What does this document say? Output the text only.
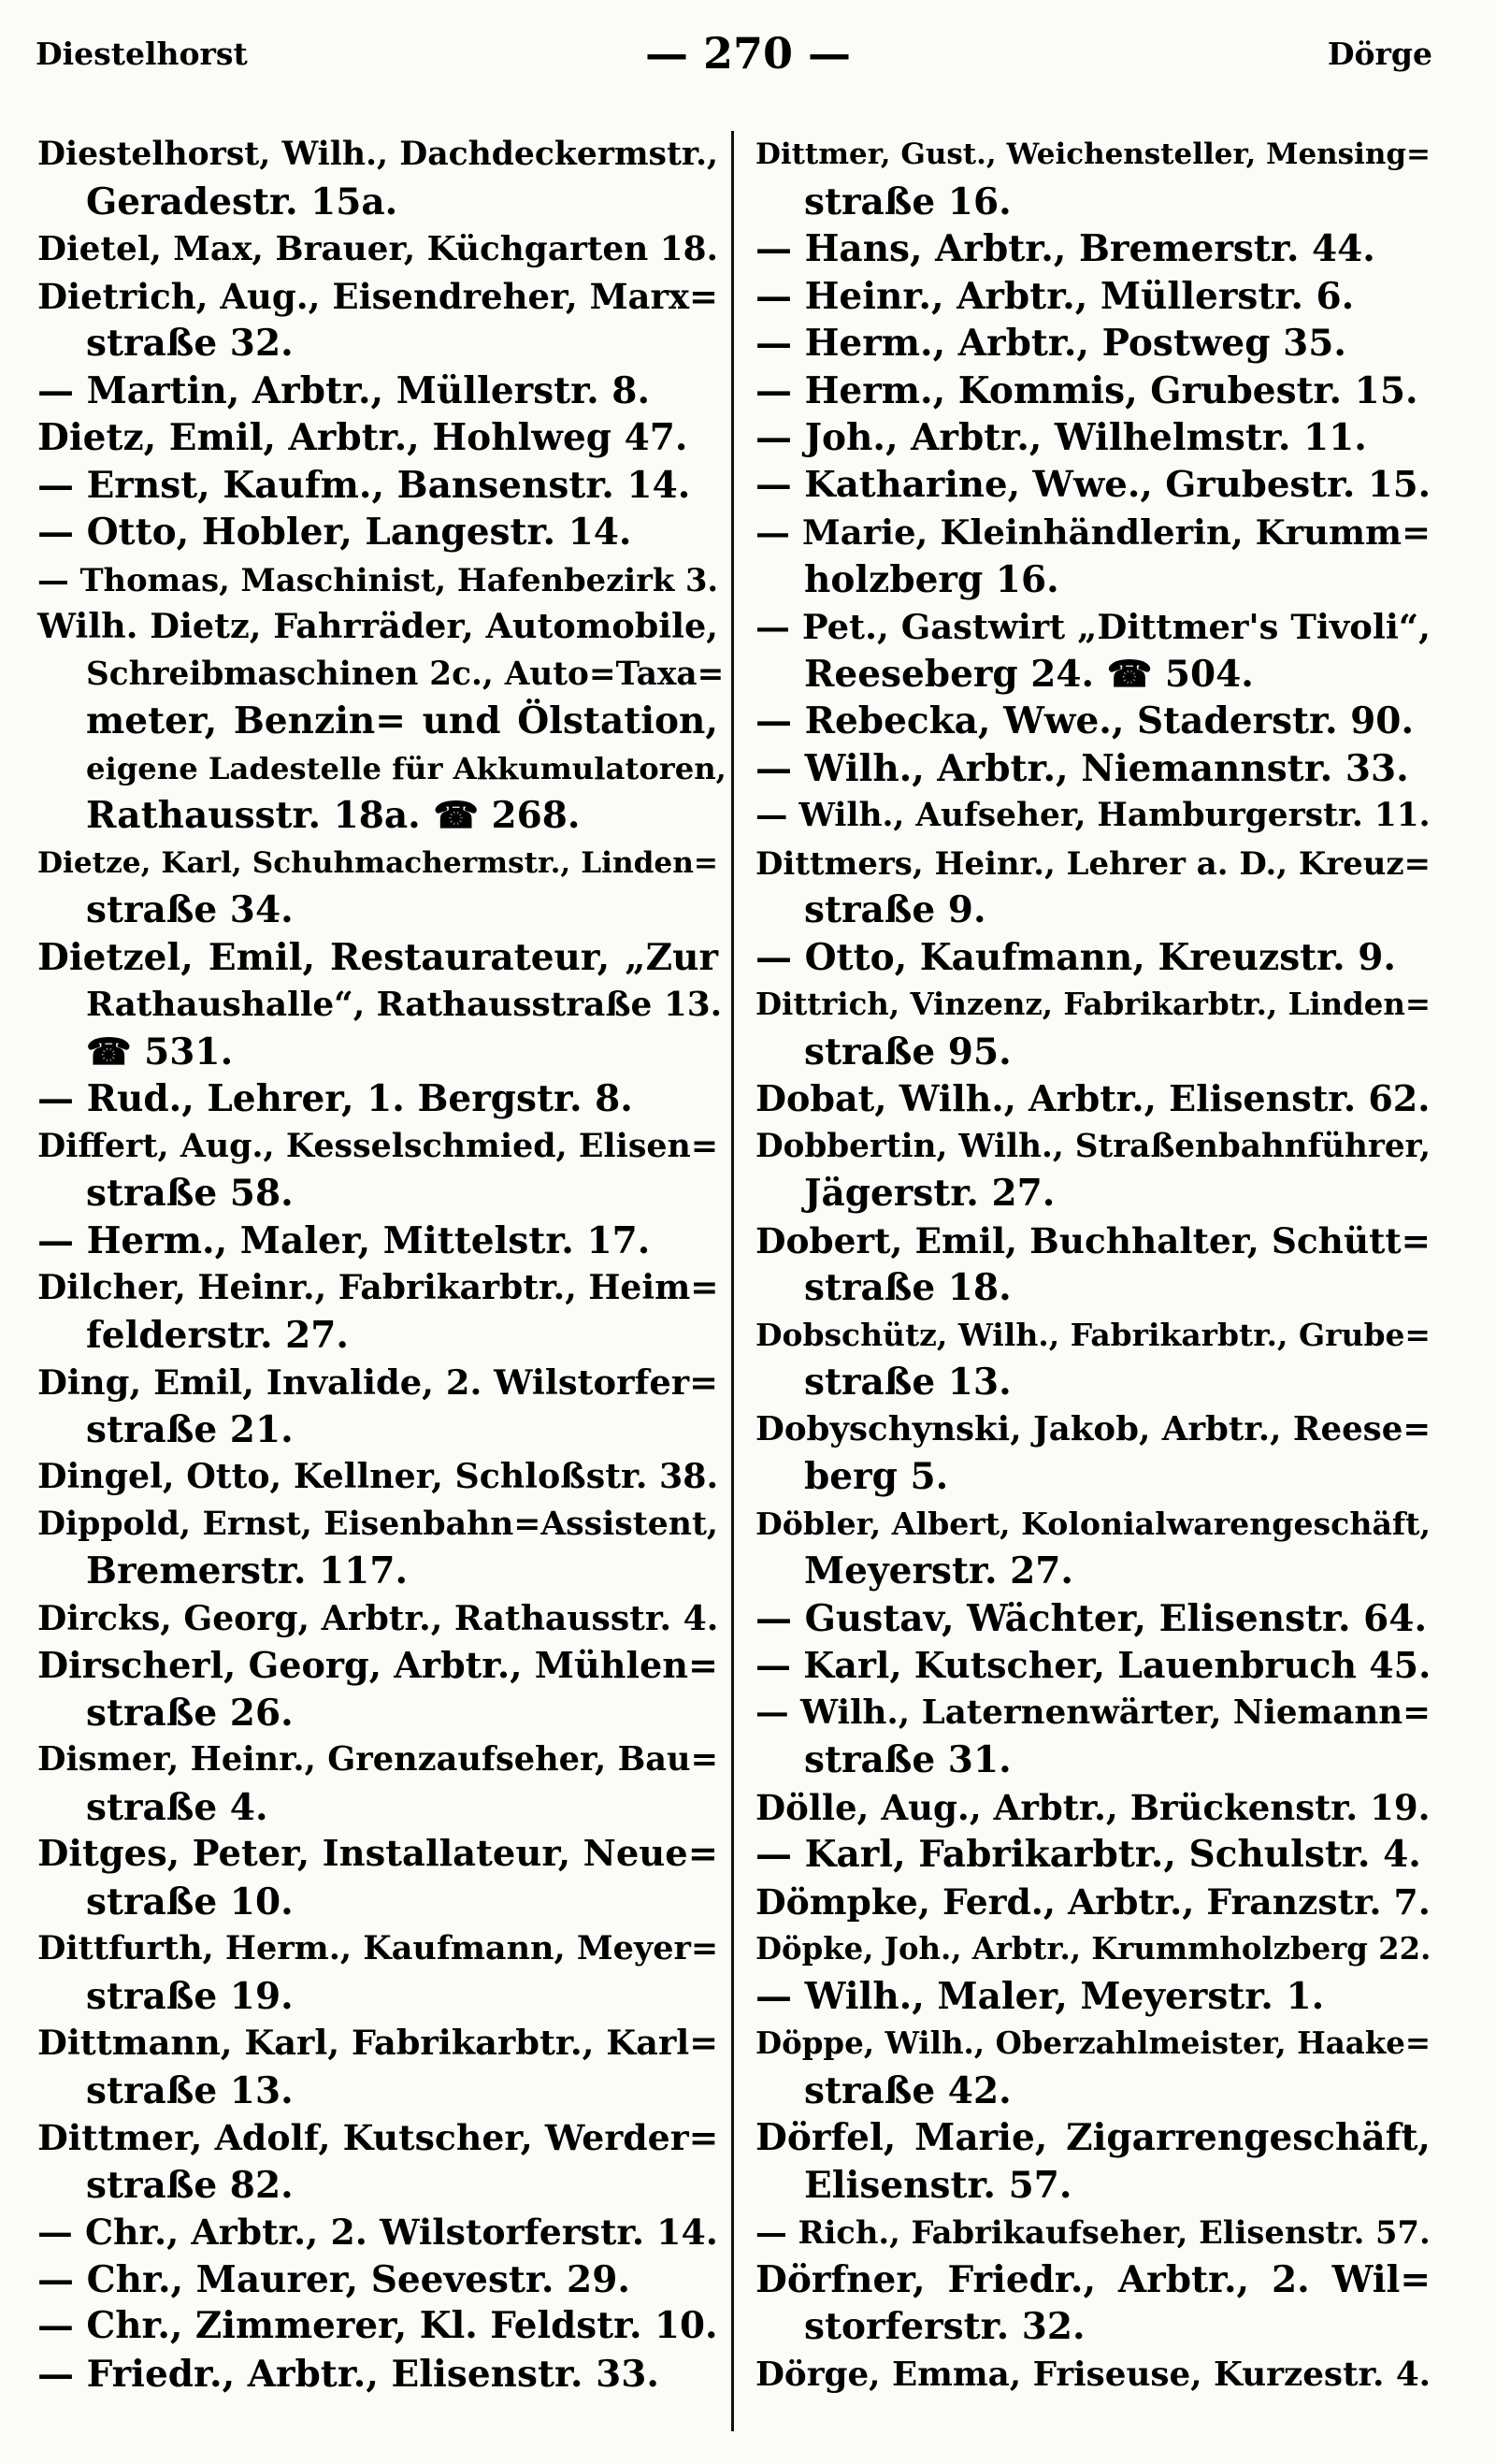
Diestelhorst	— 270 —	Dörge

Diestelhorst, Wilh., Dachdeckermstr.,
Geradestr. 15a.

Dietel, Max, Brauer, Küchgarten 18.

Dietrich, Aug., Eisendreher, Marx=
straße 32.

— Martin, Arbtr., Müllerstr. 8.

Dietz, Emil, Arbtr., Hohlweg 47.

— Ernst, Kaufm., Bansenstr. 14.

— Otto, Hobler, Langestr. 14.

— Thomas, Maschinist, Hafenbezirk 3.

Wilh. Dietz, Fahrräder, Automobile,
Schreibmaschinen 2c., Auto=Taxa=
meter, Benzin= und Ölstation,
eigene Ladestelle für Akkumulatoren,
Rathausstr. 18a. ☎ 268.

Dietze, Karl, Schuhmachermstr., Linden=
straße 34.

Dietzel, Emil, Restaurateur, „Zur
Rathaushalle“, Rathausstraße 13.
☎ 531.

— Rud., Lehrer, 1. Bergstr. 8.

Differt, Aug., Kesselschmied, Elisen=
straße 58.

— Herm., Maler, Mittelstr. 17.

Dilcher, Heinr., Fabrikarbtr., Heim=
felderstr. 27.

Ding, Emil, Invalide, 2. Wilstorfer=
straße 21.

Dingel, Otto, Kellner, Schloßstr. 38.

Dippold, Ernst, Eisenbahn=Assistent,
Bremerstr. 117.

Dircks, Georg, Arbtr., Rathausstr. 4.

Dirscherl, Georg, Arbtr., Mühlen=
straße 26.

Dismer, Heinr., Grenzaufseher, Bau=
straße 4.

Ditges, Peter, Installateur, Neue=
straße 10.

Dittfurth, Herm., Kaufmann, Meyer=
straße 19.

Dittmann, Karl, Fabrikarbtr., Karl=
straße 13.

Dittmer, Adolf, Kutscher, Werder=
straße 82.

— Chr., Arbtr., 2. Wilstorferstr. 14.

— Chr., Maurer, Seevestr. 29.

— Chr., Zimmerer, Kl. Feldstr. 10.

— Friedr., Arbtr., Elisenstr. 33.

Dittmer, Gust., Weichensteller, Mensing=
straße 16.

— Hans, Arbtr., Bremerstr. 44.

— Heinr., Arbtr., Müllerstr. 6.

— Herm., Arbtr., Postweg 35.

— Herm., Kommis, Grubestr. 15.

— Joh., Arbtr., Wilhelmstr. 11.

— Katharine, Wwe., Grubestr. 15.

— Marie, Kleinhändlerin, Krumm=
holzberg 16.

— Pet., Gastwirt „Dittmer's Tivoli“,
Reeseberg 24. ☎ 504.

— Rebecka, Wwe., Staderstr. 90.

— Wilh., Arbtr., Niemannstr. 33.

— Wilh., Aufseher, Hamburgerstr. 11.

Dittmers, Heinr., Lehrer a. D., Kreuz=
straße 9.

— Otto, Kaufmann, Kreuzstr. 9.

Dittrich, Vinzenz, Fabrikarbtr., Linden=
straße 95.

Dobat, Wilh., Arbtr., Elisenstr. 62.

Dobbertin, Wilh., Straßenbahnführer,
Jägerstr. 27.

Dobert, Emil, Buchhalter, Schütt=
straße 18.

Dobschütz, Wilh., Fabrikarbtr., Grube=
straße 13.

Dobyschynski, Jakob, Arbtr., Reese=
berg 5.

Döbler, Albert, Kolonialwarengeschäft,
Meyerstr. 27.

— Gustav, Wächter, Elisenstr. 64.

— Karl, Kutscher, Lauenbruch 45.

— Wilh., Laternenwärter, Niemann=
straße 31.

Dölle, Aug., Arbtr., Brückenstr. 19.

— Karl, Fabrikarbtr., Schulstr. 4.

Dömpke, Ferd., Arbtr., Franzstr. 7.

Döpke, Joh., Arbtr., Krummholzberg 22.

— Wilh., Maler, Meyerstr. 1.

Döppe, Wilh., Oberzahlmeister, Haake=
straße 42.

Dörfel, Marie, Zigarrengeschäft,
Elisenstr. 57.

— Rich., Fabrikaufseher, Elisenstr. 57.

Dörfner, Friedr., Arbtr., 2. Wil=
storferstr. 32.

Dörge, Emma, Friseuse, Kurzestr. 4.
